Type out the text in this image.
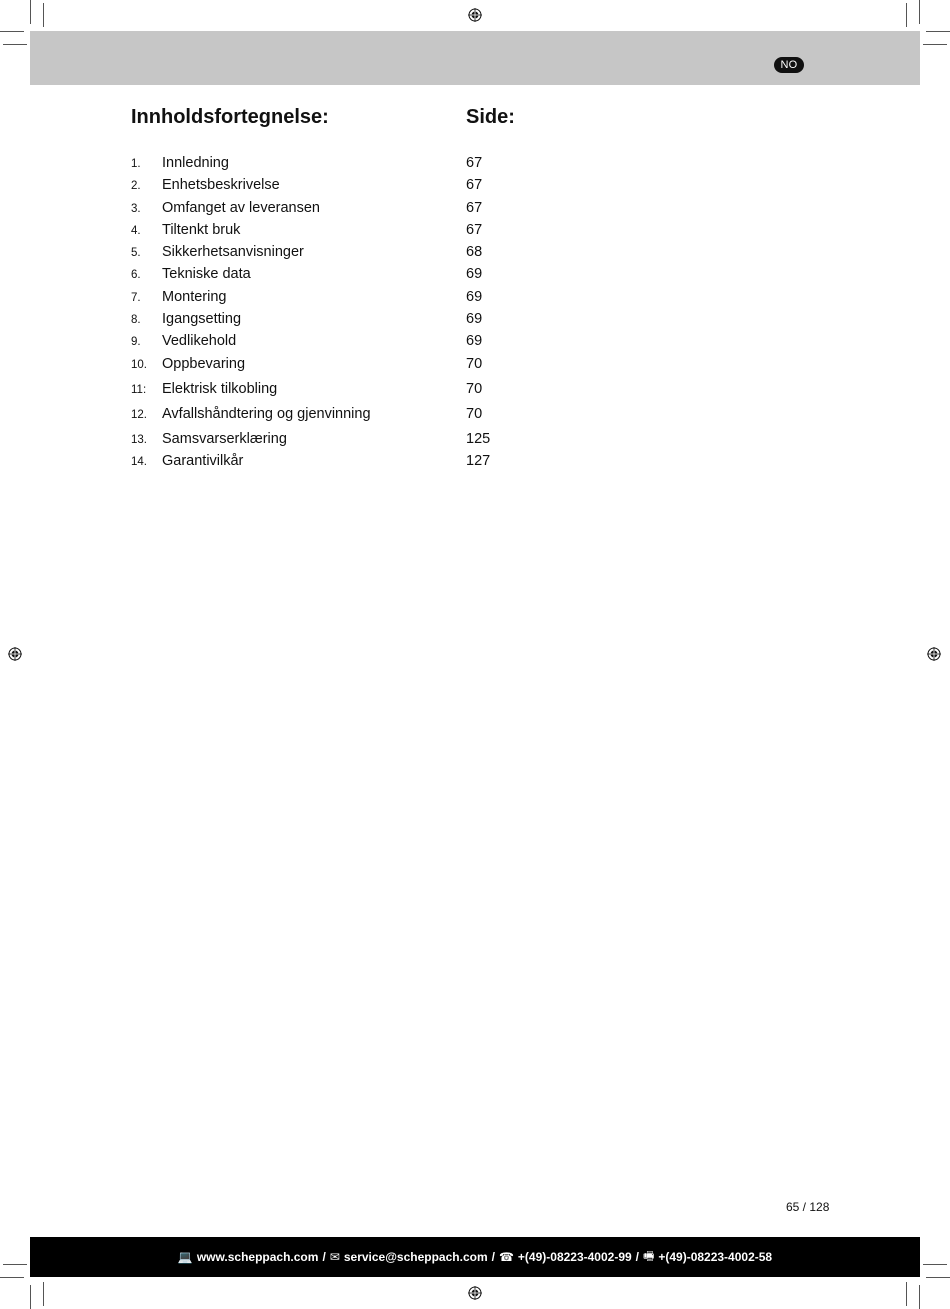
NO
Innholdsfortegnelse:	Side:
1. Innledning	67
2. Enhetsbeskrivelse	67
3. Omfanget av leveransen	67
4. Tiltenkt bruk	67
5. Sikkerhetsanvisninger	68
6. Tekniske data	69
7. Montering	69
8. Igangsetting	69
9. Vedlikehold	69
10. Oppbevaring	70
11: Elektrisk tilkobling	70
12. Avfallshåndtering og gjenvinning	70
13. Samsvarserklæring	125
14. Garantivilkår	127
65 / 128
💻 www.scheppach.com / ✉ service@scheppach.com / ☎ +(49)-08223-4002-99 / 🖷 +(49)-08223-4002-58
